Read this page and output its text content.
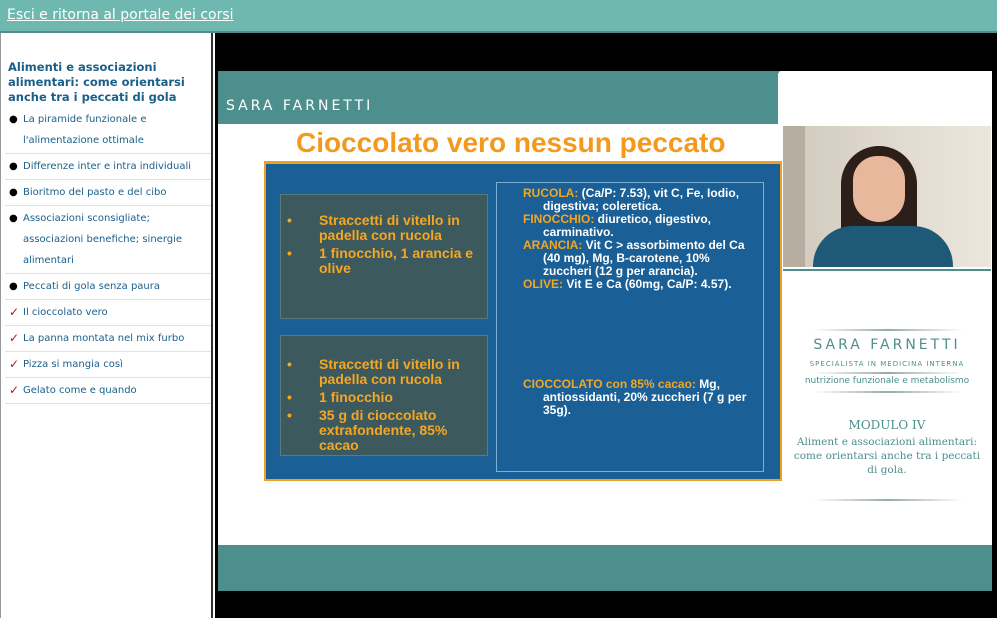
Esci e ritorna al portale dei corsi
Alimenti e associazioni alimentari: come orientarsi anche tra i peccati di gola
● La piramide funzionale e l'alimentazione ottimale
● Differenze inter e intra individuali
● Bioritmo del pasto e del cibo
● Associazioni sconsigliate; associazioni benefiche; sinergie alimentari
● Peccati di gola senza paura
✓ Il cioccolato vero
✓ La panna montata nel mix furbo
✓ Pizza si mangia così
✓ Gelato come e quando
SARA FARNETTI
Cioccolato vero nessun peccato
• Straccetti di vitello in padella con rucola
• 1 finocchio, 1 arancia e olive
• Straccetti di vitello in padella con rucola
• 1 finocchio
• 35 g di cioccolato extrafondente, 85% cacao

RUCOLA: (Ca/P: 7.53), vit C, Fe, Iodio, digestiva; coleretica.

FINOCCHIO: diuretico, digestivo, carminativo.

ARANCIA: Vit C > assorbimento del Ca (40 mg), Mg, B-carotene, 10% zuccheri (12 g per arancia).

OLIVE: Vit E e Ca (60mg, Ca/P: 4.57).

CIOCCOLATO con 85% cacao: Mg, antiossidanti, 20% zuccheri (7 g per 35g).

SARA FARNETTI
SPECIALISTA IN MEDICINA INTERNA
nutrizione funzionale e metabolismo
MODULO IV
Aliment e associazioni alimentari: come orientarsi anche tra i peccati di gola.
